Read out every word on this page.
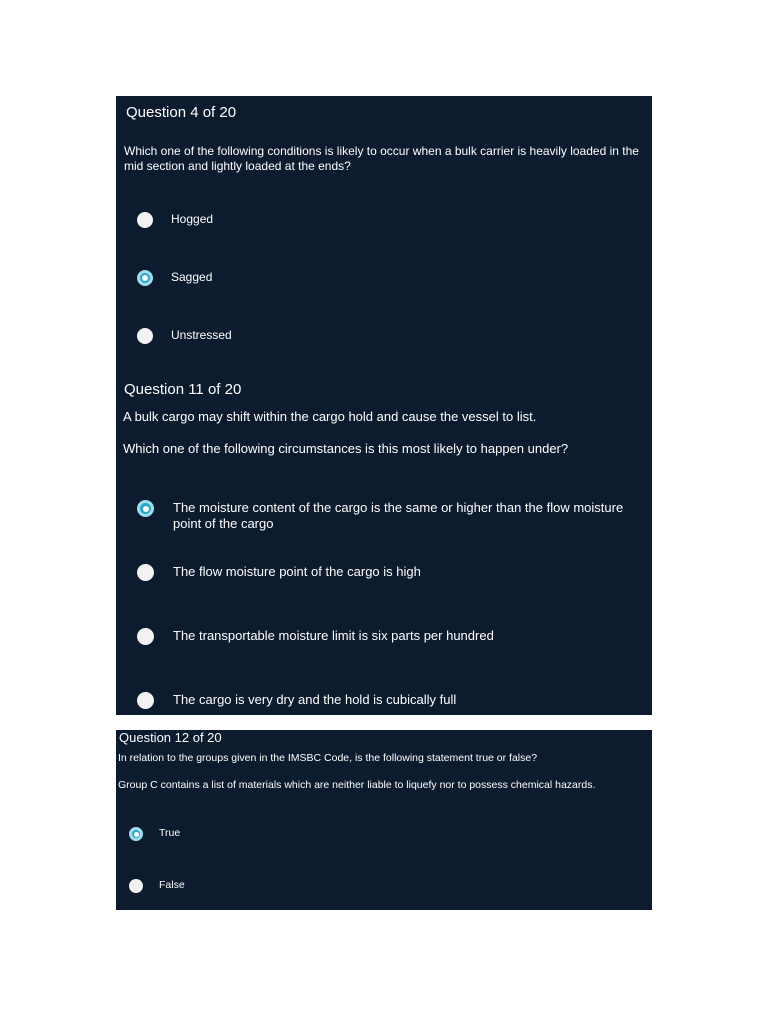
Question 4 of 20
Which one of the following conditions is likely to occur when a bulk carrier is heavily loaded in the mid section and lightly loaded at the ends?
Hogged
Sagged
Unstressed
Question 11 of 20
A bulk cargo may shift within the cargo hold and cause the vessel to list.
Which one of the following circumstances is this most likely to happen under?
The moisture content of the cargo is the same or higher than the flow moisture point of the cargo
The flow moisture point of the cargo is high
The transportable moisture limit is six parts per hundred
The cargo is very dry and the hold is cubically full
Question 12 of 20
In relation to the groups given in the IMSBC Code, is the following statement true or false?
Group C contains a list of materials which are neither liable to liquefy nor to possess chemical hazards.
True
False
